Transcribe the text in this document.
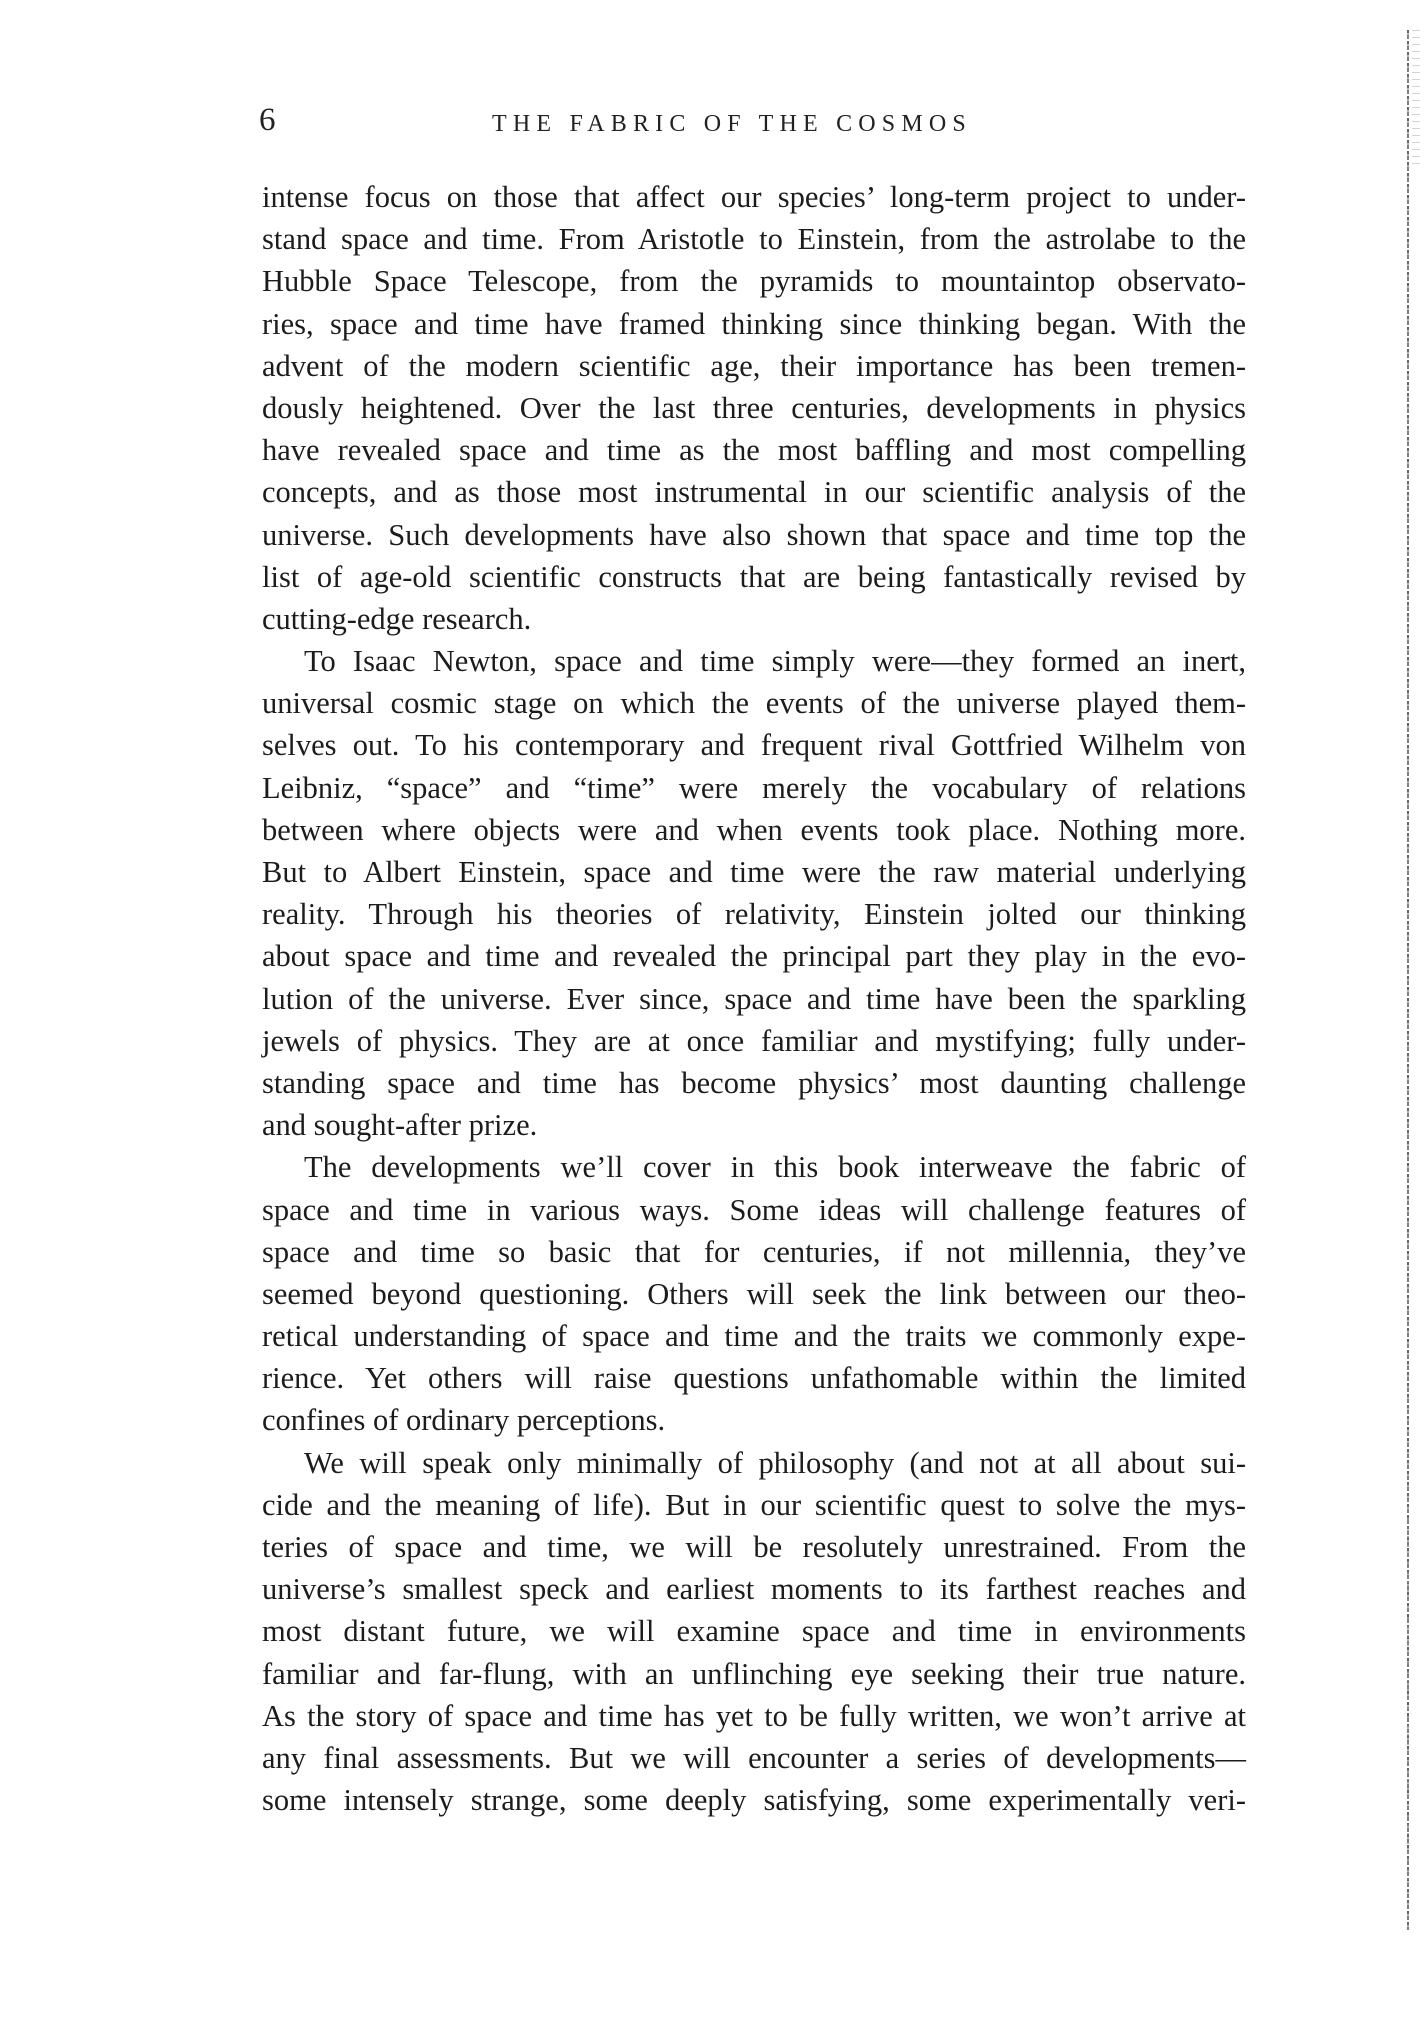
6	THE FABRIC OF THE COSMOS
intense focus on those that affect our species’ long-term project to under-
stand space and time. From Aristotle to Einstein, from the astrolabe to the
Hubble Space Telescope, from the pyramids to mountaintop observato-
ries, space and time have framed thinking since thinking began. With the
advent of the modern scientific age, their importance has been tremen-
dously heightened. Over the last three centuries, developments in physics
have revealed space and time as the most baffling and most compelling
concepts, and as those most instrumental in our scientific analysis of the
universe. Such developments have also shown that space and time top the
list of age-old scientific constructs that are being fantastically revised by
cutting-edge research.
To Isaac Newton, space and time simply were—they formed an inert,
universal cosmic stage on which the events of the universe played them-
selves out. To his contemporary and frequent rival Gottfried Wilhelm von
Leibniz, “space” and “time” were merely the vocabulary of relations
between where objects were and when events took place. Nothing more.
But to Albert Einstein, space and time were the raw material underlying
reality. Through his theories of relativity, Einstein jolted our thinking
about space and time and revealed the principal part they play in the evo-
lution of the universe. Ever since, space and time have been the sparkling
jewels of physics. They are at once familiar and mystifying; fully under-
standing space and time has become physics’ most daunting challenge
and sought-after prize.
The developments we’ll cover in this book interweave the fabric of
space and time in various ways. Some ideas will challenge features of
space and time so basic that for centuries, if not millennia, they’ve
seemed beyond questioning. Others will seek the link between our theo-
retical understanding of space and time and the traits we commonly expe-
rience. Yet others will raise questions unfathomable within the limited
confines of ordinary perceptions.
We will speak only minimally of philosophy (and not at all about sui-
cide and the meaning of life). But in our scientific quest to solve the mys-
teries of space and time, we will be resolutely unrestrained. From the
universe’s smallest speck and earliest moments to its farthest reaches and
most distant future, we will examine space and time in environments
familiar and far-flung, with an unflinching eye seeking their true nature.
As the story of space and time has yet to be fully written, we won’t arrive at
any final assessments. But we will encounter a series of developments—
some intensely strange, some deeply satisfying, some experimentally veri-
